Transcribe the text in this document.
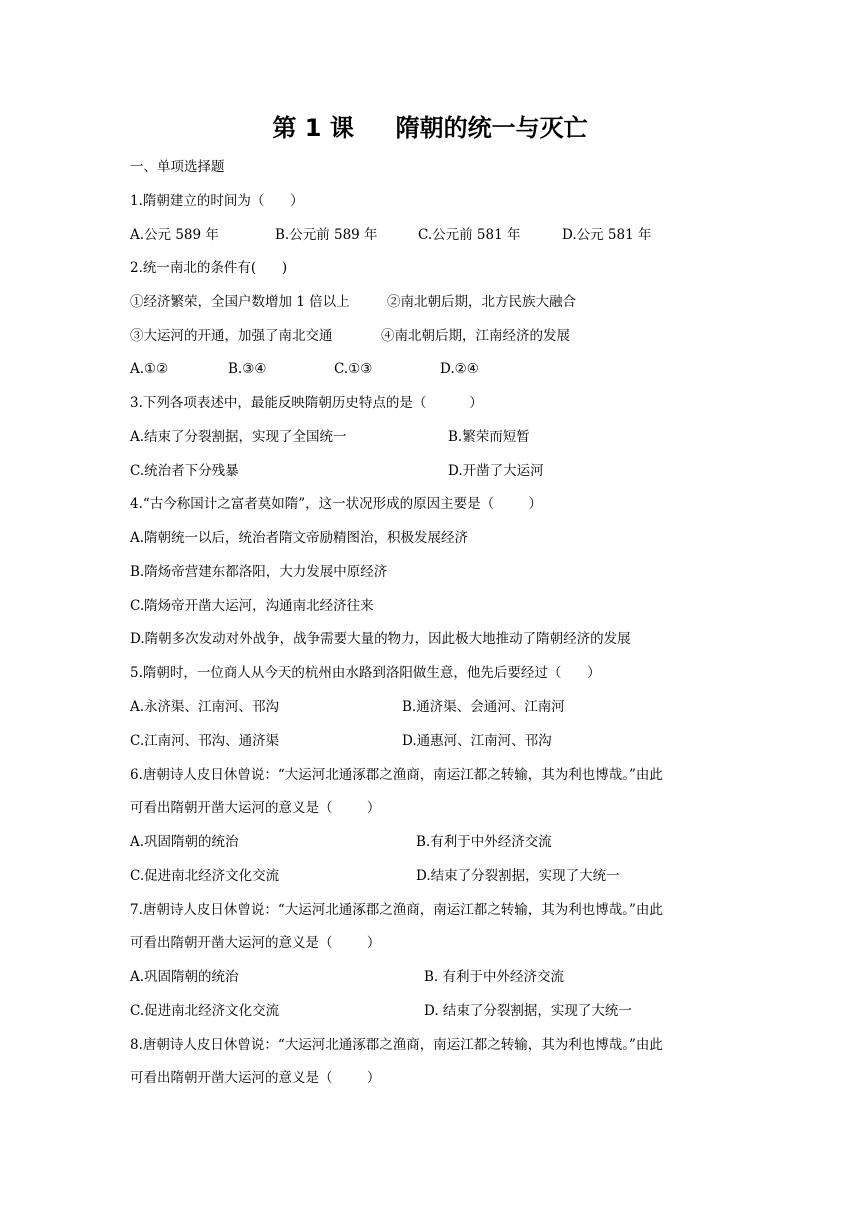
第 1 课     隋朝的统一与灭亡
一、单项选择题
1.隋朝建立的时间为（      ）
A.公元 589 年	B.公元前 589 年	C.公元前 581 年	D.公元 581 年
2.统一南北的条件有(      )
①经济繁荣，全国户数增加 1 倍以上	②南北朝后期，北方民族大融合
③大运河的开通，加强了南北交通	④南北朝后期，江南经济的发展
A.①②	B.③④	C.①③	D.②④
3.下列各项表述中，最能反映隋朝历史特点的是（          ）
A.结束了分裂割据，实现了全国统一	B.繁荣而短暂
C.统治者下分残暴	D.开凿了大运河
4.“古今称国计之富者莫如隋”，这一状况形成的原因主要是（        ）
A.隋朝统一以后，统治者隋文帝励精图治，积极发展经济
B.隋炀帝营建东都洛阳，大力发展中原经济
C.隋炀帝开凿大运河，沟通南北经济往来
D.隋朝多次发动对外战争，战争需要大量的物力，因此极大地推动了隋朝经济的发展
5.隋朝时，一位商人从今天的杭州由水路到洛阳做生意，他先后要经过（      ）
A.永济渠、江南河、邗沟	B.通济渠、会通河、江南河
C.江南河、邗沟、通济渠	D.通惠河、江南河、邗沟
6.唐朝诗人皮日休曾说：“大运河北通涿郡之渔商，南运江都之转输，其为利也博哉。”由此
可看出隋朝开凿大运河的意义是（        ）
A.巩固隋朝的统治	B.有利于中外经济交流
C.促进南北经济文化交流	D.结束了分裂割据，实现了大统一
7.唐朝诗人皮日休曾说：“大运河北通涿郡之渔商，南运江都之转输，其为利也博哉。”由此
可看出隋朝开凿大运河的意义是（        ）
A.巩固隋朝的统治	B. 有利于中外经济交流
C.促进南北经济文化交流	D. 结束了分裂割据，实现了大统一
8.唐朝诗人皮日休曾说：“大运河北通涿郡之渔商，南运江都之转输，其为利也博哉。”由此
可看出隋朝开凿大运河的意义是（        ）
